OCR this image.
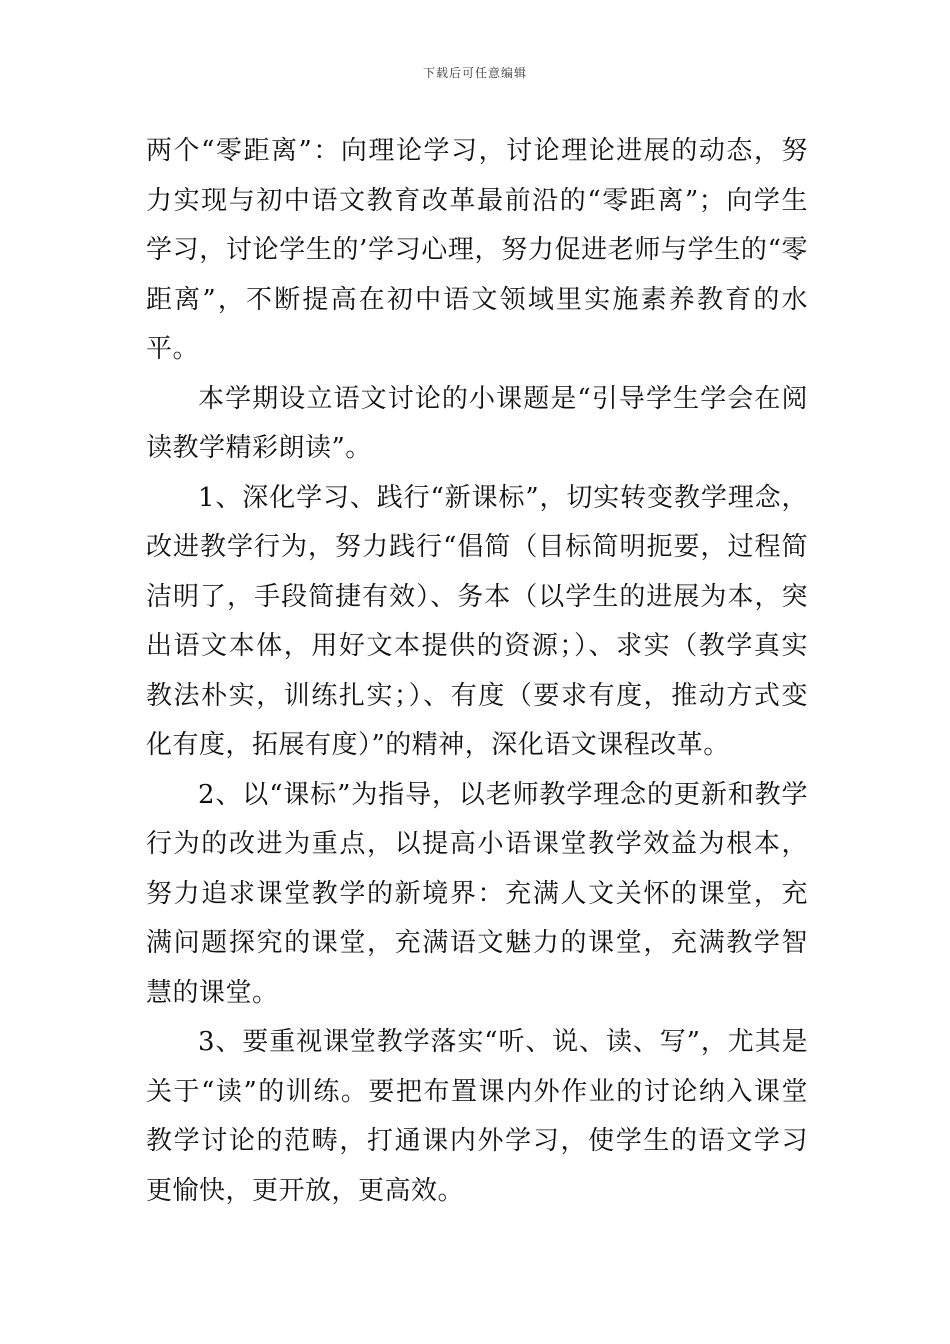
下载后可任意编辑

两个“零距离”：向理论学习，讨论理论进展的动态，努力实现与初中语文教育改革最前沿的“零距离”；向学生学习，讨论学生的’学习心理，努力促进老师与学生的“零距离”，不断提高在初中语文领域里实施素养教育的水平。

本学期设立语文讨论的小课题是“引导学生学会在阅读教学精彩朗读”。

1、深化学习、践行“新课标”，切实转变教学理念，改进教学行为，努力践行“倡简（目标简明扼要，过程简洁明了，手段简捷有效）、务本（以学生的进展为本，突出语文本体，用好文本提供的资源；）、求实（教学真实教法朴实，训练扎实；）、有度（要求有度，推动方式变化有度，拓展有度）”的精神，深化语文课程改革。

2、以“课标”为指导，以老师教学理念的更新和教学行为的改进为重点，以提高小语课堂教学效益为根本，努力追求课堂教学的新境界：充满人文关怀的课堂，充满问题探究的课堂，充满语文魅力的课堂，充满教学智慧的课堂。

3、要重视课堂教学落实“听、说、读、写”，尤其是关于“读”的训练。要把布置课内外作业的讨论纳入课堂教学讨论的范畴，打通课内外学习，使学生的语文学习更愉快，更开放，更高效。
